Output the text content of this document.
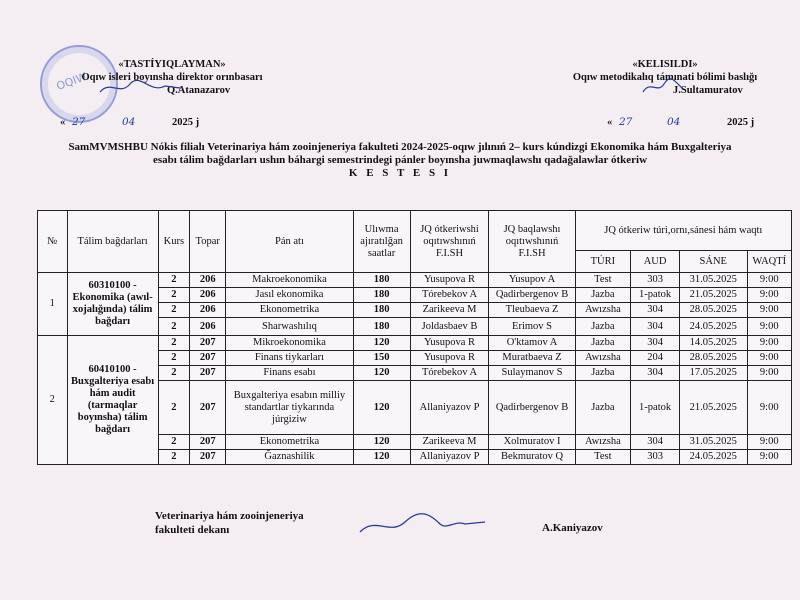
OQIW
«TASTÍYIQLAYMAN»
Oqıw isleri boyınsha direktor orınbasarı
Q.Atanazarov
« 27	04	2025 j
«KELISILDI»
Oqıw metodikalıq támınati bólimi baslığı
J.Sultamuratov
« 27	04	2025 j
SamMVMSHBU Nókis filialı Veterinariya hám zooinjeneriya fakulteti 2024-2025-oqıw jılınıń 2– kurs kúndizgi Ekonomika hám Buxgalteriya
esabı tálim bağdarları ushın báhargi semestrindegi pánler boyınsha juwmaqlawshı qadağalawlar ótkeriw
K E S T E S I
№	Tálim bağdarları	Kurs	Topar	Pán atı	Ulıwma ajıratılğan saatlar	JQ ótkeriwshi oqıtıwshınıń F.I.SH	JQ baqlawshı oqıtıwshınıń F.I.SH	JQ ótkeriw túri,ornı,sánesi hám waqtı			
								TÚRI	AUD	SÁNE	WAQTÍ
1	60310100 - Ekonomika (awıl-xojalığında) tálim bağdarı	2	206	Makroekonomika	180	Yusupova R	Yusupov A	Test	303	31.05.2025	9:00
		2	206	Jasıl ekonomika	180	Tórebekov A	Qadirbergenov B	Jazba	1-patok	21.05.2025	9:00
		2	206	Ekonometrika	180	Zarikeeva M	Tleubaeva Z	Awızsha	304	28.05.2025	9:00
		2	206	Sharwashılıq	180	Joldasbaev B	Erimov S	Jazba	304	24.05.2025	9:00
2	60410100 - Buxgalteriya esabı hám audit (tarmaqlar boyınsha) tálim bağdarı	2	207	Mikroekonomika	120	Yusupova R	O'ktamov A	Jazba	304	14.05.2025	9:00
		2	207	Finans tiykarları	150	Yusupova R	Muratbaeva Z	Awızsha	204	28.05.2025	9:00
		2	207	Finans esabı	120	Tórebekov A	Sulaymanov S	Jazba	304	17.05.2025	9:00
		2	207	Buxgalteriya esabın milliy standartlar tiykarında júrgiziw	120	Allaniyazov P	Qadirbergenov B	Jazba	1-patok	21.05.2025	9:00
		2	207	Ekonometrika	120	Zarikeeva M	Xolmuratov I	Awızsha	304	31.05.2025	9:00
		2	207	Ğaznashilik	120	Allaniyazov P	Bekmuratov Q	Test	303	24.05.2025	9:00
Veterinariya hám zooinjeneriya
fakulteti dekanı	A.Kaniyazov
